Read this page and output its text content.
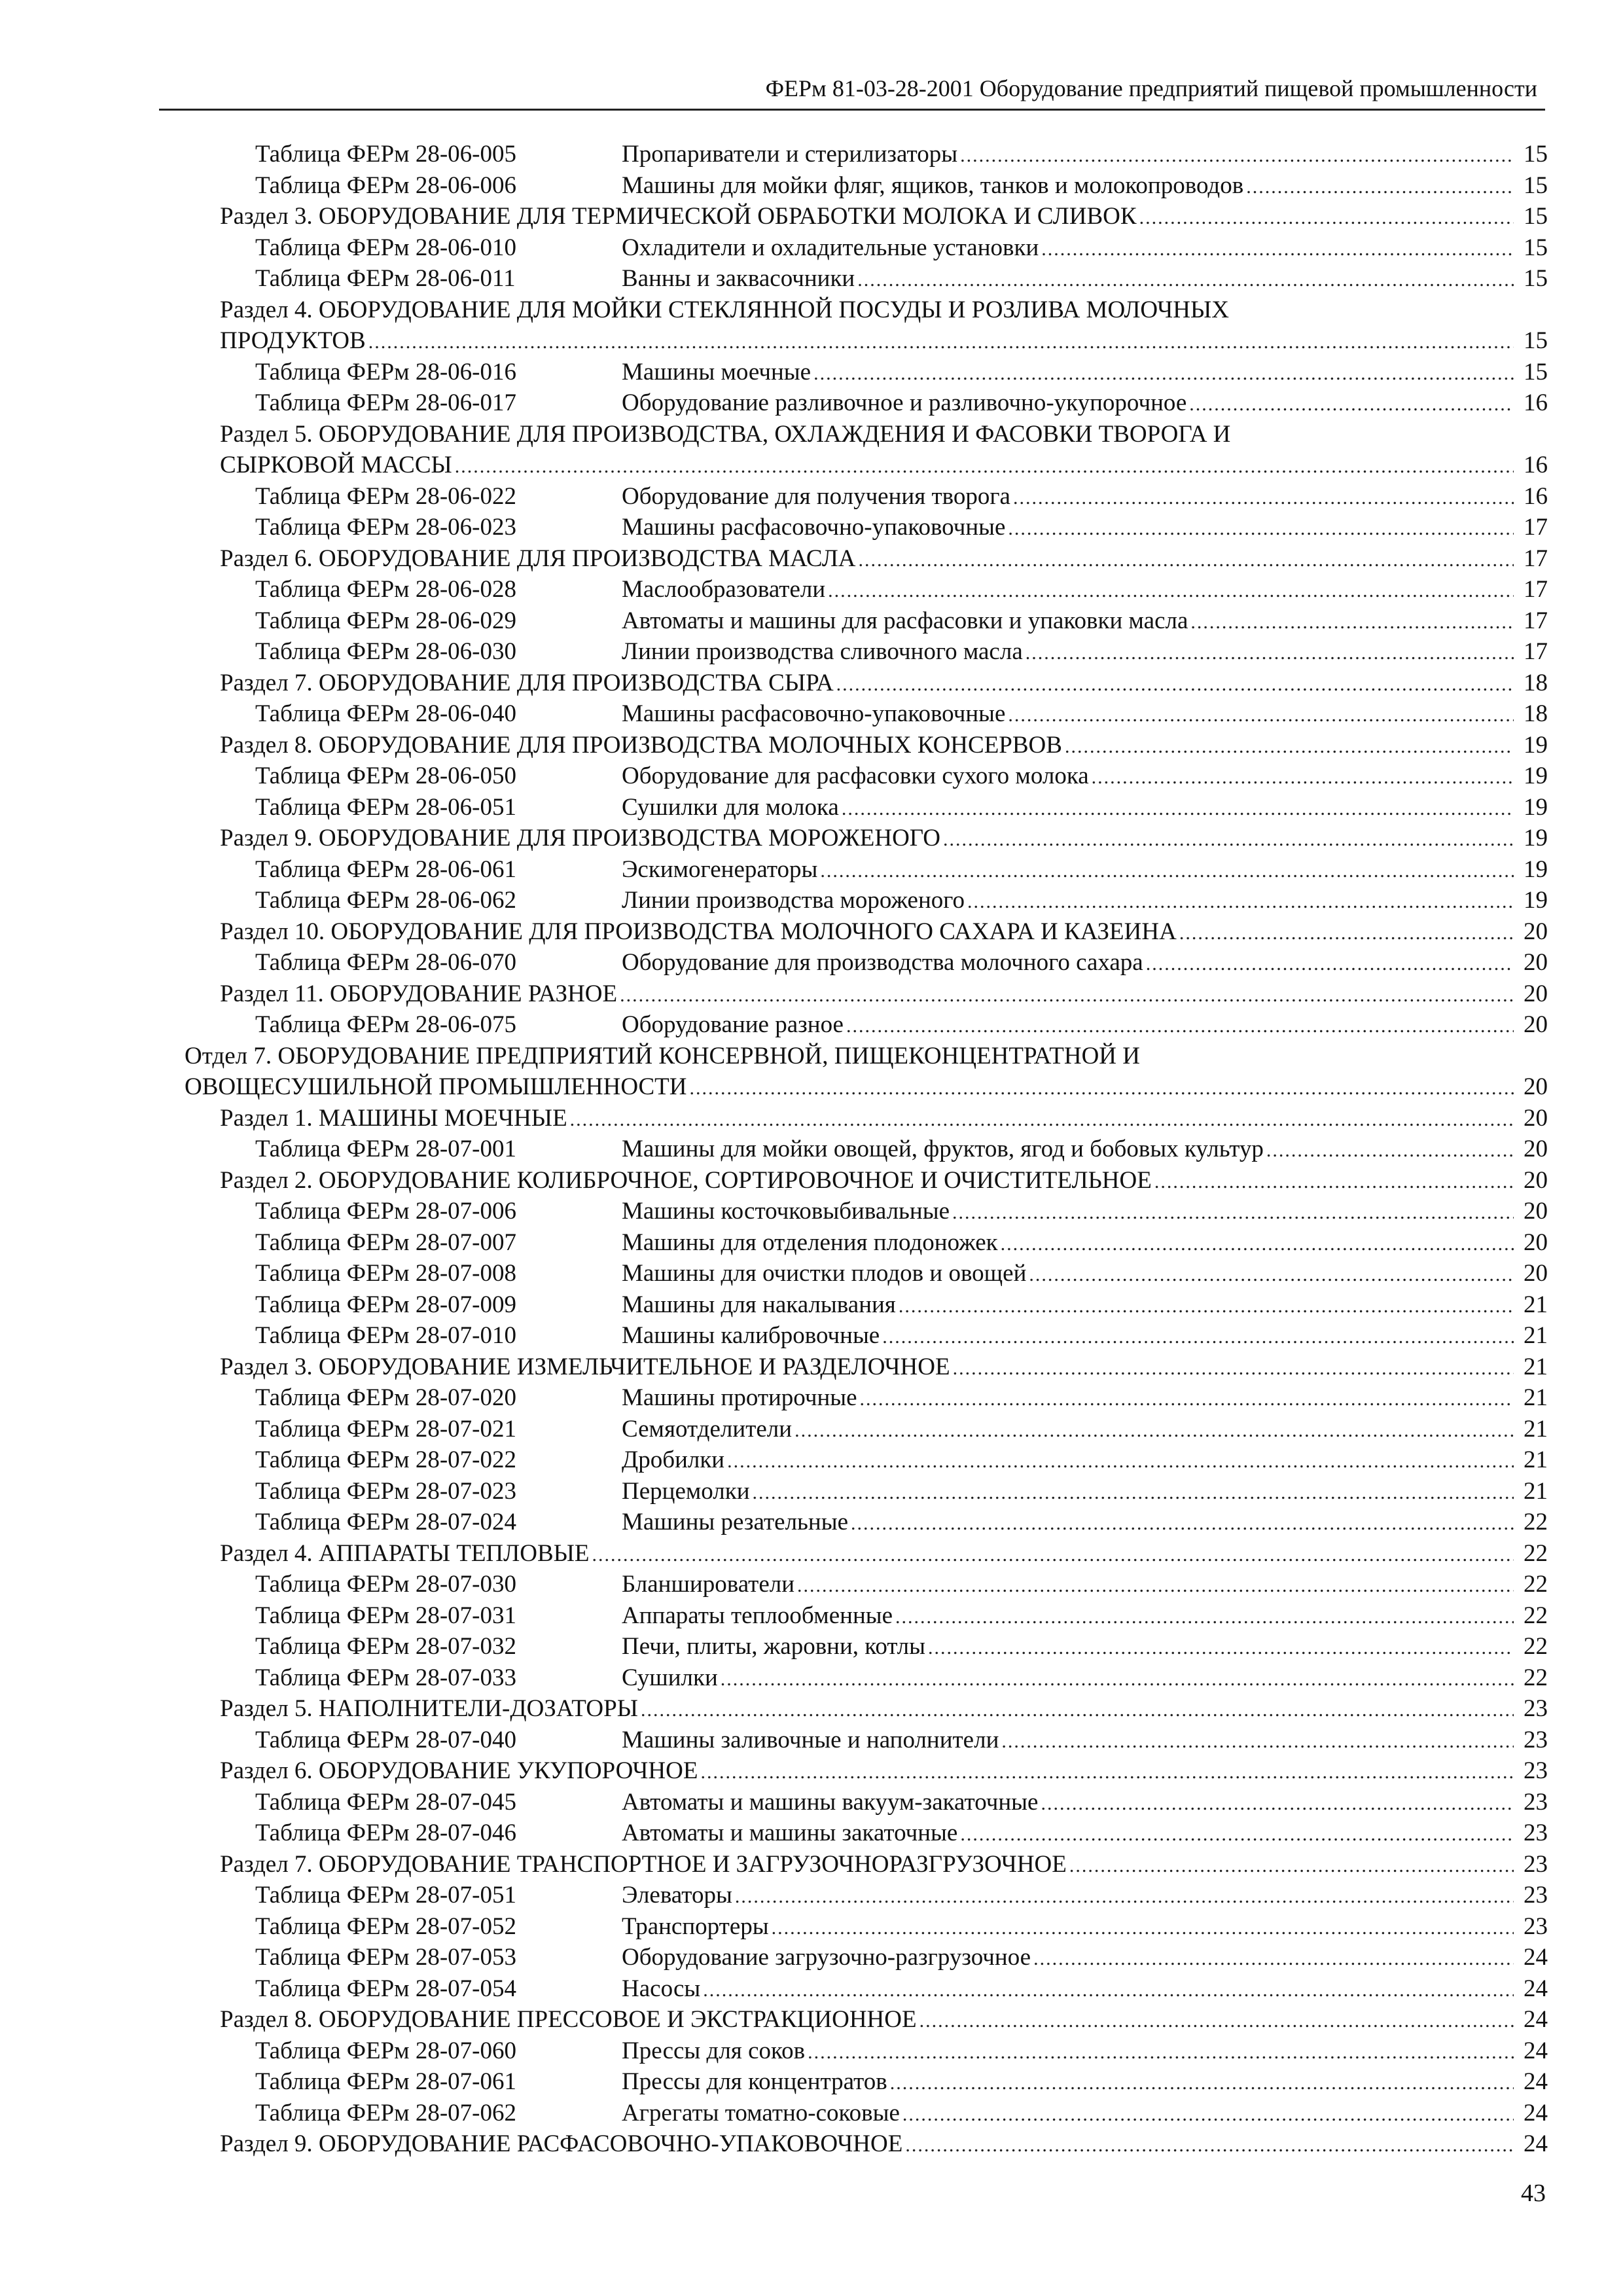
ФЕРм 81-03-28-2001 Оборудование предприятий пищевой промышленности
Таблица ФЕРм 28-06-005	Пропариватели и стерилизаторы .....	15
Таблица ФЕРм 28-06-006	Машины для мойки фляг, ящиков, танков и молокопроводов .....	15
Раздел 3. ОБОРУДОВАНИЕ ДЛЯ ТЕРМИЧЕСКОЙ ОБРАБОТКИ МОЛОКА И СЛИВОК .....	15
Таблица ФЕРм 28-06-010	Охладители и охладительные установки .....	15
Таблица ФЕРм 28-06-011	Ванны и заквасочники .....	15
Раздел 4. ОБОРУДОВАНИЕ ДЛЯ МОЙКИ СТЕКЛЯННОЙ ПОСУДЫ И РОЗЛИВА МОЛОЧНЫХ
ПРОДУКТОВ .....	15
Таблица ФЕРм 28-06-016	Машины моечные .....	15
Таблица ФЕРм 28-06-017	Оборудование разливочное и разливочно-укупорочное .....	16
Раздел 5. ОБОРУДОВАНИЕ ДЛЯ ПРОИЗВОДСТВА, ОХЛАЖДЕНИЯ И ФАСОВКИ ТВОРОГА И
СЫРКОВОЙ МАССЫ .....	16
Таблица ФЕРм 28-06-022	Оборудование для получения творога .....	16
Таблица ФЕРм 28-06-023	Машины расфасовочно-упаковочные .....	17
Раздел 6. ОБОРУДОВАНИЕ ДЛЯ ПРОИЗВОДСТВА МАСЛА .....	17
Таблица ФЕРм 28-06-028	Маслообразователи .....	17
Таблица ФЕРм 28-06-029	Автоматы и машины для расфасовки и упаковки масла .....	17
Таблица ФЕРм 28-06-030	Линии производства сливочного масла .....	17
Раздел 7. ОБОРУДОВАНИЕ ДЛЯ ПРОИЗВОДСТВА СЫРА .....	18
Таблица ФЕРм 28-06-040	Машины расфасовочно-упаковочные .....	18
Раздел 8. ОБОРУДОВАНИЕ ДЛЯ ПРОИЗВОДСТВА МОЛОЧНЫХ КОНСЕРВОВ .....	19
Таблица ФЕРм 28-06-050	Оборудование для расфасовки сухого молока .....	19
Таблица ФЕРм 28-06-051	Сушилки для молока .....	19
Раздел 9. ОБОРУДОВАНИЕ ДЛЯ ПРОИЗВОДСТВА МОРОЖЕНОГО .....	19
Таблица ФЕРм 28-06-061	Эскимогенераторы .....	19
Таблица ФЕРм 28-06-062	Линии производства мороженого .....	19
Раздел 10. ОБОРУДОВАНИЕ ДЛЯ ПРОИЗВОДСТВА МОЛОЧНОГО САХАРА И КАЗЕИНА .....	20
Таблица ФЕРм 28-06-070	Оборудование для производства молочного сахара .....	20
Раздел 11. ОБОРУДОВАНИЕ РАЗНОЕ .....	20
Таблица ФЕРм 28-06-075	Оборудование разное .....	20
Отдел 7. ОБОРУДОВАНИЕ ПРЕДПРИЯТИЙ КОНСЕРВНОЙ, ПИЩЕКОНЦЕНТРАТНОЙ И
ОВОЩЕСУШИЛЬНОЙ ПРОМЫШЛЕННОСТИ .....	20
Раздел 1. МАШИНЫ МОЕЧНЫЕ .....	20
Таблица ФЕРм 28-07-001	Машины для мойки овощей, фруктов, ягод и бобовых культур .....	20
Раздел 2. ОБОРУДОВАНИЕ КОЛИБРОЧНОЕ, СОРТИРОВОЧНОЕ И ОЧИСТИТЕЛЬНОЕ .....	20
Таблица ФЕРм 28-07-006	Машины косточковыбивальные .....	20
Таблица ФЕРм 28-07-007	Машины для отделения плодоножек .....	20
Таблица ФЕРм 28-07-008	Машины для очистки плодов и овощей .....	20
Таблица ФЕРм 28-07-009	Машины для накалывания .....	21
Таблица ФЕРм 28-07-010	Машины калибровочные .....	21
Раздел 3. ОБОРУДОВАНИЕ ИЗМЕЛЬЧИТЕЛЬНОЕ И РАЗДЕЛОЧНОЕ .....	21
Таблица ФЕРм 28-07-020	Машины протирочные .....	21
Таблица ФЕРм 28-07-021	Семяотделители .....	21
Таблица ФЕРм 28-07-022	Дробилки .....	21
Таблица ФЕРм 28-07-023	Перцемолки .....	21
Таблица ФЕРм 28-07-024	Машины резательные .....	22
Раздел 4. АППАРАТЫ ТЕПЛОВЫЕ .....	22
Таблица ФЕРм 28-07-030	Бланширователи .....	22
Таблица ФЕРм 28-07-031	Аппараты теплообменные .....	22
Таблица ФЕРм 28-07-032	Печи, плиты, жаровни, котлы .....	22
Таблица ФЕРм 28-07-033	Сушилки .....	22
Раздел 5. НАПОЛНИТЕЛИ-ДОЗАТОРЫ .....	23
Таблица ФЕРм 28-07-040	Машины заливочные и наполнители .....	23
Раздел 6. ОБОРУДОВАНИЕ УКУПОРОЧНОЕ .....	23
Таблица ФЕРм 28-07-045	Автоматы и машины вакуум-закаточные .....	23
Таблица ФЕРм 28-07-046	Автоматы и машины закаточные .....	23
Раздел 7. ОБОРУДОВАНИЕ ТРАНСПОРТНОЕ И ЗАГРУЗОЧНОРАЗГРУЗОЧНОЕ .....	23
Таблица ФЕРм 28-07-051	Элеваторы .....	23
Таблица ФЕРм 28-07-052	Транспортеры .....	23
Таблица ФЕРм 28-07-053	Оборудование загрузочно-разгрузочное .....	24
Таблица ФЕРм 28-07-054	Насосы .....	24
Раздел 8. ОБОРУДОВАНИЕ ПРЕССОВОЕ И ЭКСТРАКЦИОННОЕ .....	24
Таблица ФЕРм 28-07-060	Прессы для соков .....	24
Таблица ФЕРм 28-07-061	Прессы для концентратов .....	24
Таблица ФЕРм 28-07-062	Агрегаты томатно-соковые .....	24
Раздел 9. ОБОРУДОВАНИЕ РАСФАСОВОЧНО-УПАКОВОЧНОЕ .....	24
43
